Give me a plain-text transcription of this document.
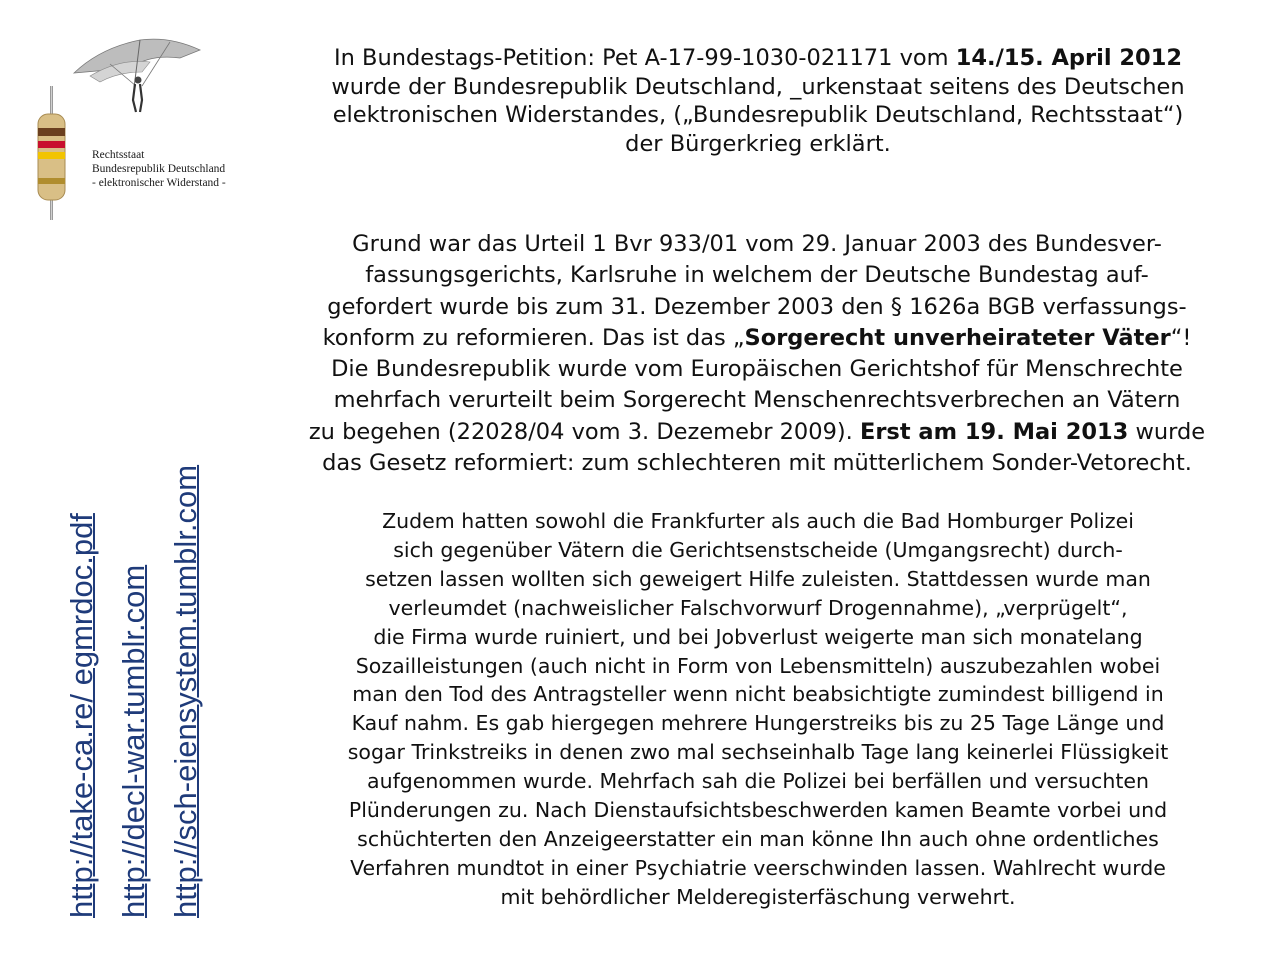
Rechtsstaat
Bundesrepublik Deutschland
- elektronischer Widerstand -
http://take-ca.re/ egmrdoc.pdf http://decl-war.tumblr.com http://sch-eiensystem.tumblr.com
In Bundestags-Petition: Pet A-17-99-1030-021171 vom 14./15. April 2012
wurde der Bundesrepublik Deutschland, _urkenstaat seitens des Deutschen
elektronischen Widerstandes, („Bundesrepublik Deutschland, Rechtsstaat“)
der Bürgerkrieg erklärt.
Grund war das Urteil 1 Bvr 933/01 vom 29. Januar 2003 des Bundesver-
fassungsgerichts, Karlsruhe in welchem der Deutsche Bundestag auf-
gefordert wurde bis zum 31. Dezember 2003 den § 1626a BGB verfassungs-
konform zu reformieren. Das ist das „Sorgerecht unverheirateter Väter“!
Die Bundesrepublik wurde vom Europäischen Gerichtshof für Menschrechte
mehrfach verurteilt beim Sorgerecht Menschenrechtsverbrechen an Vätern
zu begehen (22028/04 vom 3. Dezemebr 2009). Erst am 19. Mai 2013 wurde
das Gesetz reformiert: zum schlechteren mit mütterlichem Sonder-Vetorecht.
Zudem hatten sowohl die Frankfurter als auch die Bad Homburger Polizei
sich gegenüber Vätern die Gerichtsenstscheide (Umgangsrecht) durch-
setzen lassen wollten sich geweigert Hilfe zuleisten. Stattdessen wurde man
verleumdet (nachweislicher Falschvorwurf Drogennahme), „verprügelt“,
die Firma wurde ruiniert, und bei Jobverlust weigerte man sich monatelang
Sozailleistungen (auch nicht in Form von Lebensmitteln) auszubezahlen wobei
man den Tod des Antragsteller wenn nicht beabsichtigte zumindest billigend in
Kauf nahm. Es gab hiergegen mehrere Hungerstreiks bis zu 25 Tage Länge und
sogar Trinkstreiks in denen zwo mal sechseinhalb Tage lang keinerlei Flüssigkeit
aufgenommen wurde. Mehrfach sah die Polizei bei berfällen und versuchten
Plünderungen zu. Nach Dienstaufsichtsbeschwerden kamen Beamte vorbei und
schüchterten den Anzeigeerstatter ein man könne Ihn auch ohne ordentliches
Verfahren mundtot in einer Psychiatrie veerschwinden lassen. Wahlrecht wurde
mit behördlicher Melderegisterfäschung verwehrt.
